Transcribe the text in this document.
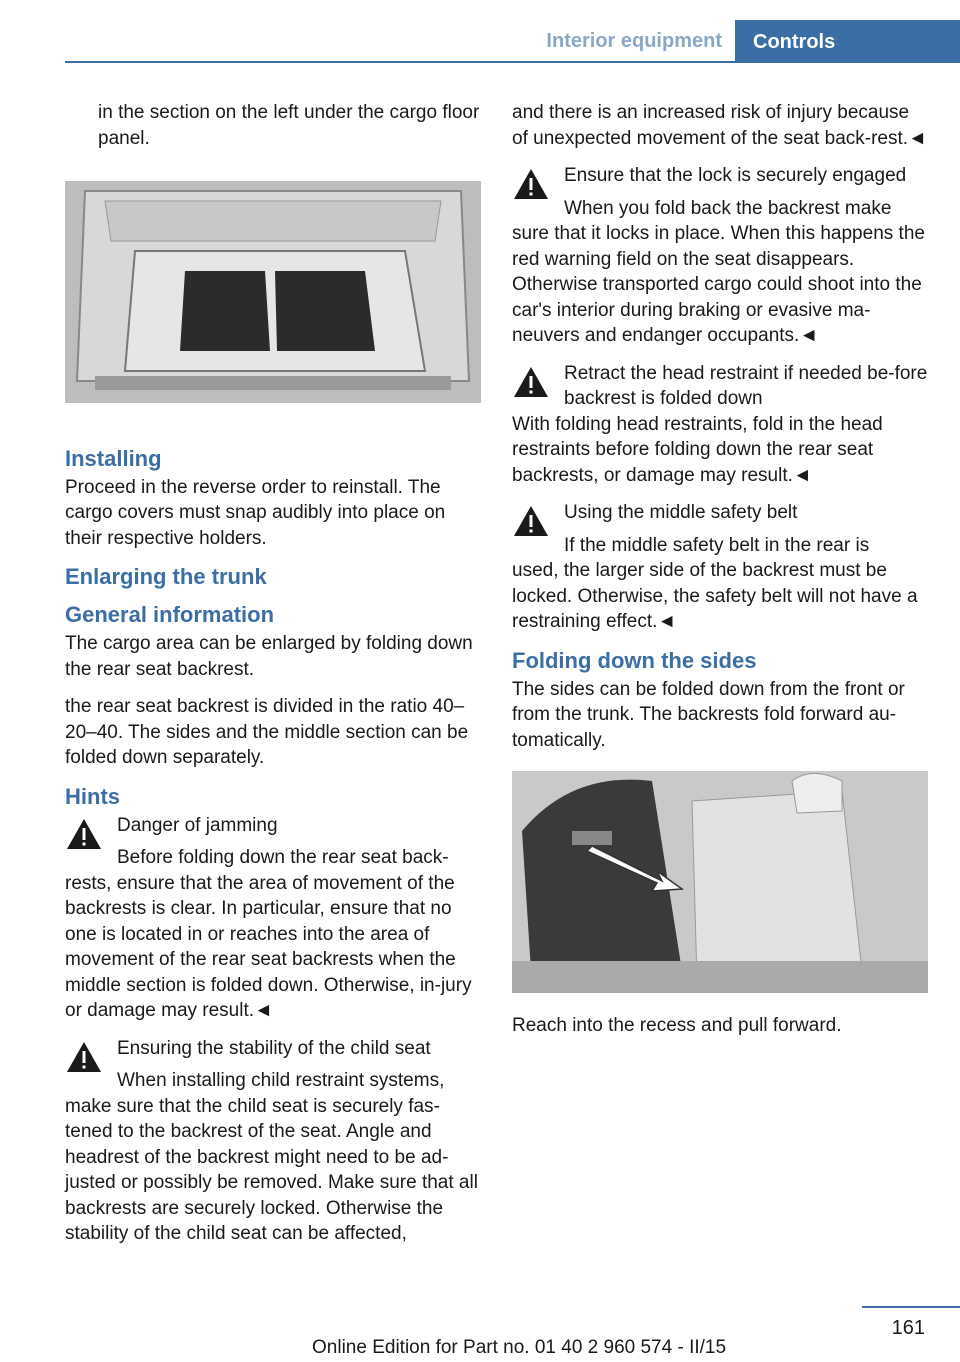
Interior equipment	Controls

in the section on the left under the cargo floor panel.

Installing

Proceed in the reverse order to reinstall. The cargo covers must snap audibly into place on their respective holders.

Enlarging the trunk
General information

The cargo area can be enlarged by folding down the rear seat backrest.

the rear seat backrest is divided in the ratio 40–20–40. The sides and the middle section can be folded down separately.

Hints
Danger of jamming
Before folding down the rear seat back-
rests, ensure that the area of movement of the backrests is clear. In particular, ensure that no one is located in or reaches into the area of movement of the rear seat backrests when the middle section is folded down. Otherwise, in-jury or damage may result.◄
Ensuring the stability of the child seat
When installing child restraint systems,
make sure that the child seat is securely fas-tened to the backrest of the seat. Angle and headrest of the backrest might need to be ad-justed or possibly be removed. Make sure that all backrests are securely locked. Otherwise the stability of the child seat can be affected,

and there is an increased risk of injury because of unexpected movement of the seat back-rest.◄

Ensure that the lock is securely engaged
When you fold back the backrest make
sure that it locks in place. When this happens the red warning field on the seat disappears. Otherwise transported cargo could shoot into the car's interior during braking or evasive ma-neuvers and endanger occupants.◄
Retract the head restraint if needed be-fore backrest is folded down
With folding head restraints, fold in the head restraints before folding down the rear seat backrests, or damage may result.◄
Using the middle safety belt
If the middle safety belt in the rear is
used, the larger side of the backrest must be locked. Otherwise, the safety belt will not have a restraining effect.◄
Folding down the sides

The sides can be folded down from the front or from the trunk. The backrests fold forward au-tomatically.

Reach into the recess and pull forward.

161
Online Edition for Part no. 01 40 2 960 574 - II/15
